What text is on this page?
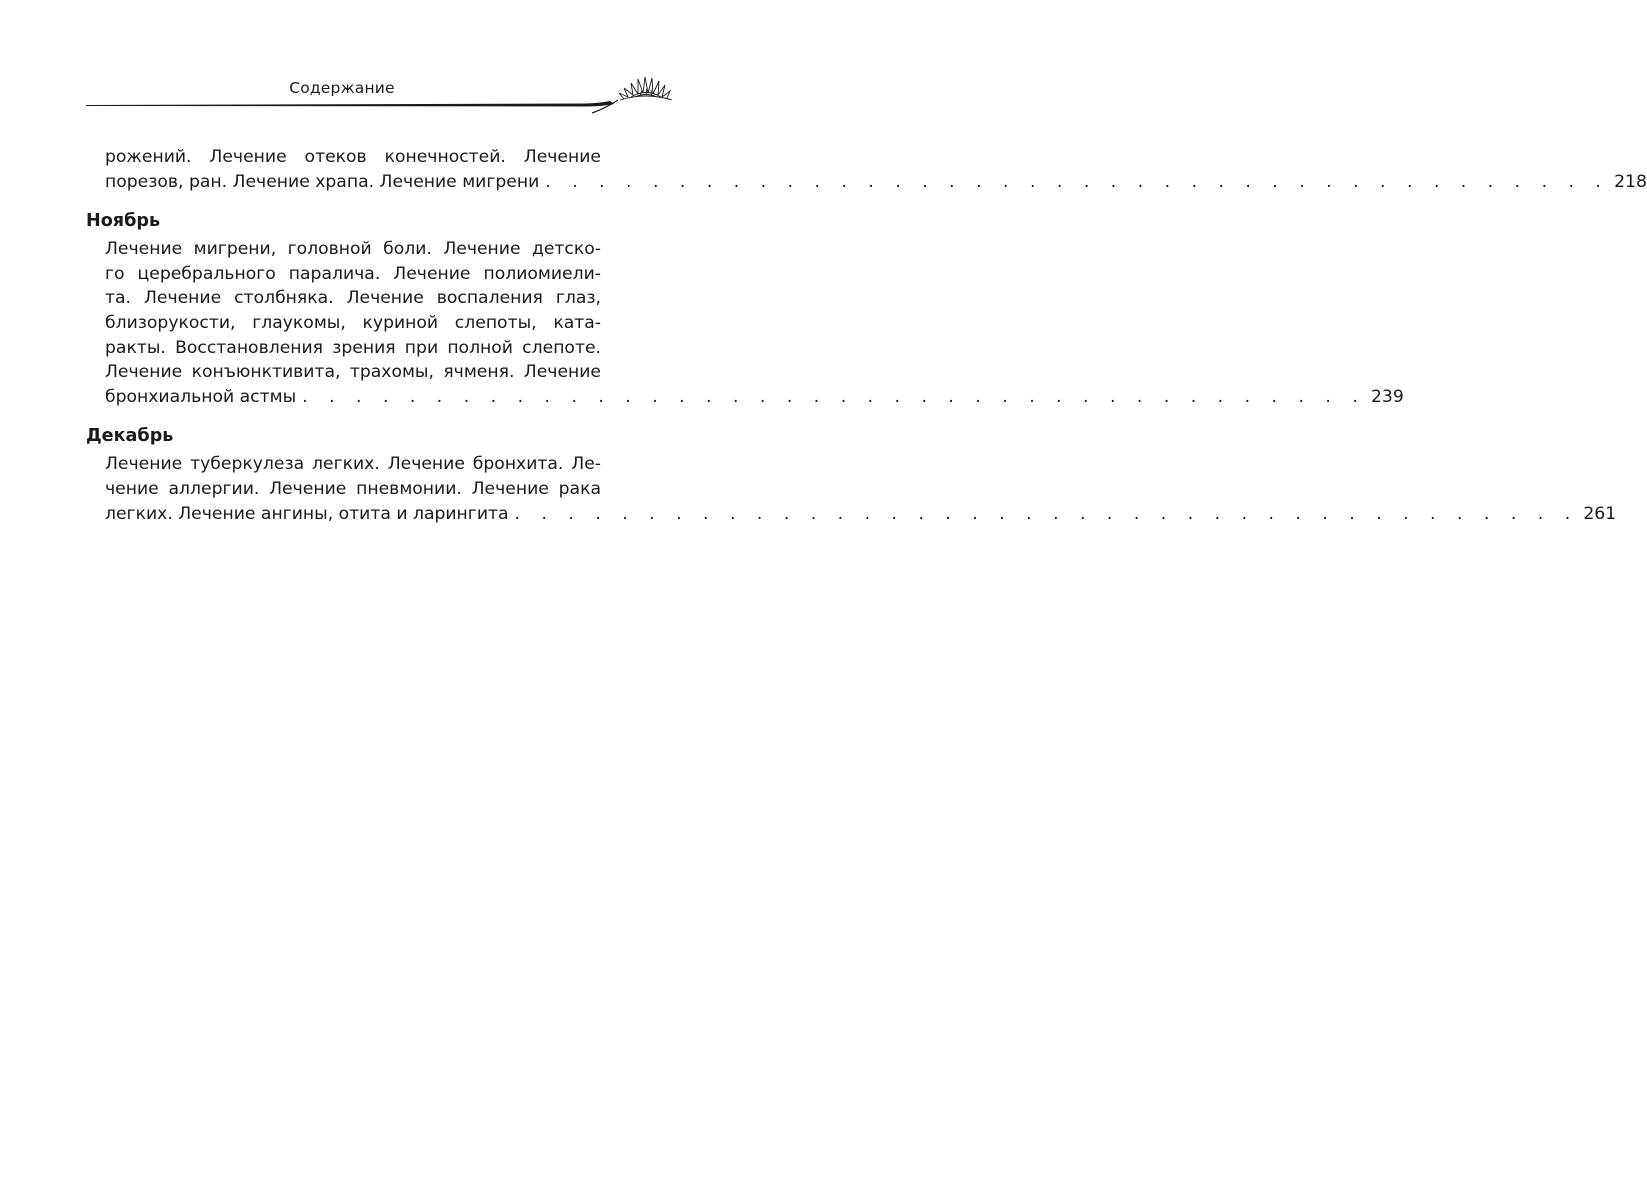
Содержание
рожений. Лечение отеков конечностей. Лечение
порезов, ран. Лечение храпа. Лечение мигрени . . . . . . . . . . . . . . . . . . . . . . . . . . . . . . . . . . . . . . . . 218
Ноябрь
Лечение мигрени, головной боли. Лечение детско-
го церебрального паралича. Лечение полиомиели-
та. Лечение столбняка. Лечение воспаления глаз,
близорукости, глаукомы, куриной слепоты, ката-
ракты. Восстановления зрения при полной слепоте.
Лечение конъюнктивита, трахомы, ячменя. Лечение
бронхиальной астмы . . . . . . . . . . . . . . . . . . . . . . . . . . . . . . . . . . . . . . . . 239
Декабрь
Лечение туберкулеза легких. Лечение бронхита. Ле-
чение аллергии. Лечение пневмонии. Лечение рака
легких. Лечение ангины, отита и ларингита . . . . . . . . . . . . . . . . . . . . . . . . . . . . . . . . . . . . . . . . 261
